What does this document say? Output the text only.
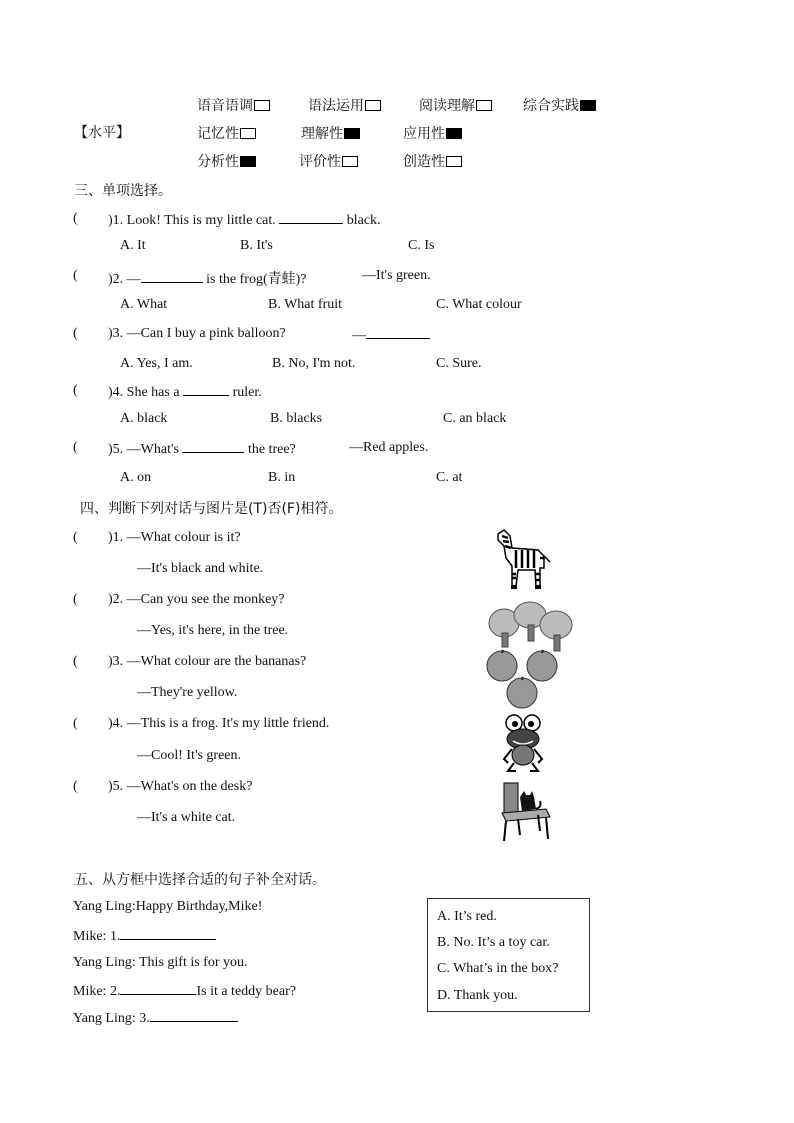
【水平】
语音语调	语法运用	阅读理解	综合实践
记忆性	理解性	应用性
分析性	评价性	创造性
三、单项选择。
( )1. Look! This is my little cat.	black.
A. It	B. It's	C. Is
( )2. —	is the frog(青蛙)?	—It's green.
A. What	B. What fruit	C. What colour
( )3. —Can I buy a pink balloon?	—
A. Yes, I am.	B. No, I'm not.	C. Sure.
( )4. She has a	ruler.
A. black	B. blacks	C. an black
( )5. —What's	the tree?	—Red apples.
A. on	B. in	C. at
四、判断下列对话与图片是(T)否(F)相符。
( )1. —What colour is it?
—It's black and white.
( )2. —Can you see the monkey?
—Yes, it's here, in the tree.
( )3. —What colour are the bananas?
—They're yellow.
( )4. —This is a frog. It's my little friend.
—Cool! It's green.
( )5. —What's on the desk?
—It's a white cat.
五、从方框中选择合适的句子补全对话。
Yang Ling:Happy Birthday,Mike!
Mike: 1.
Yang Ling: This gift is for you.
Mike: 2.	Is it a teddy bear?
Yang Ling: 3.
A. It’s red.
B. No. It’s a toy car.
C. What’s in the box?
D. Thank you.
